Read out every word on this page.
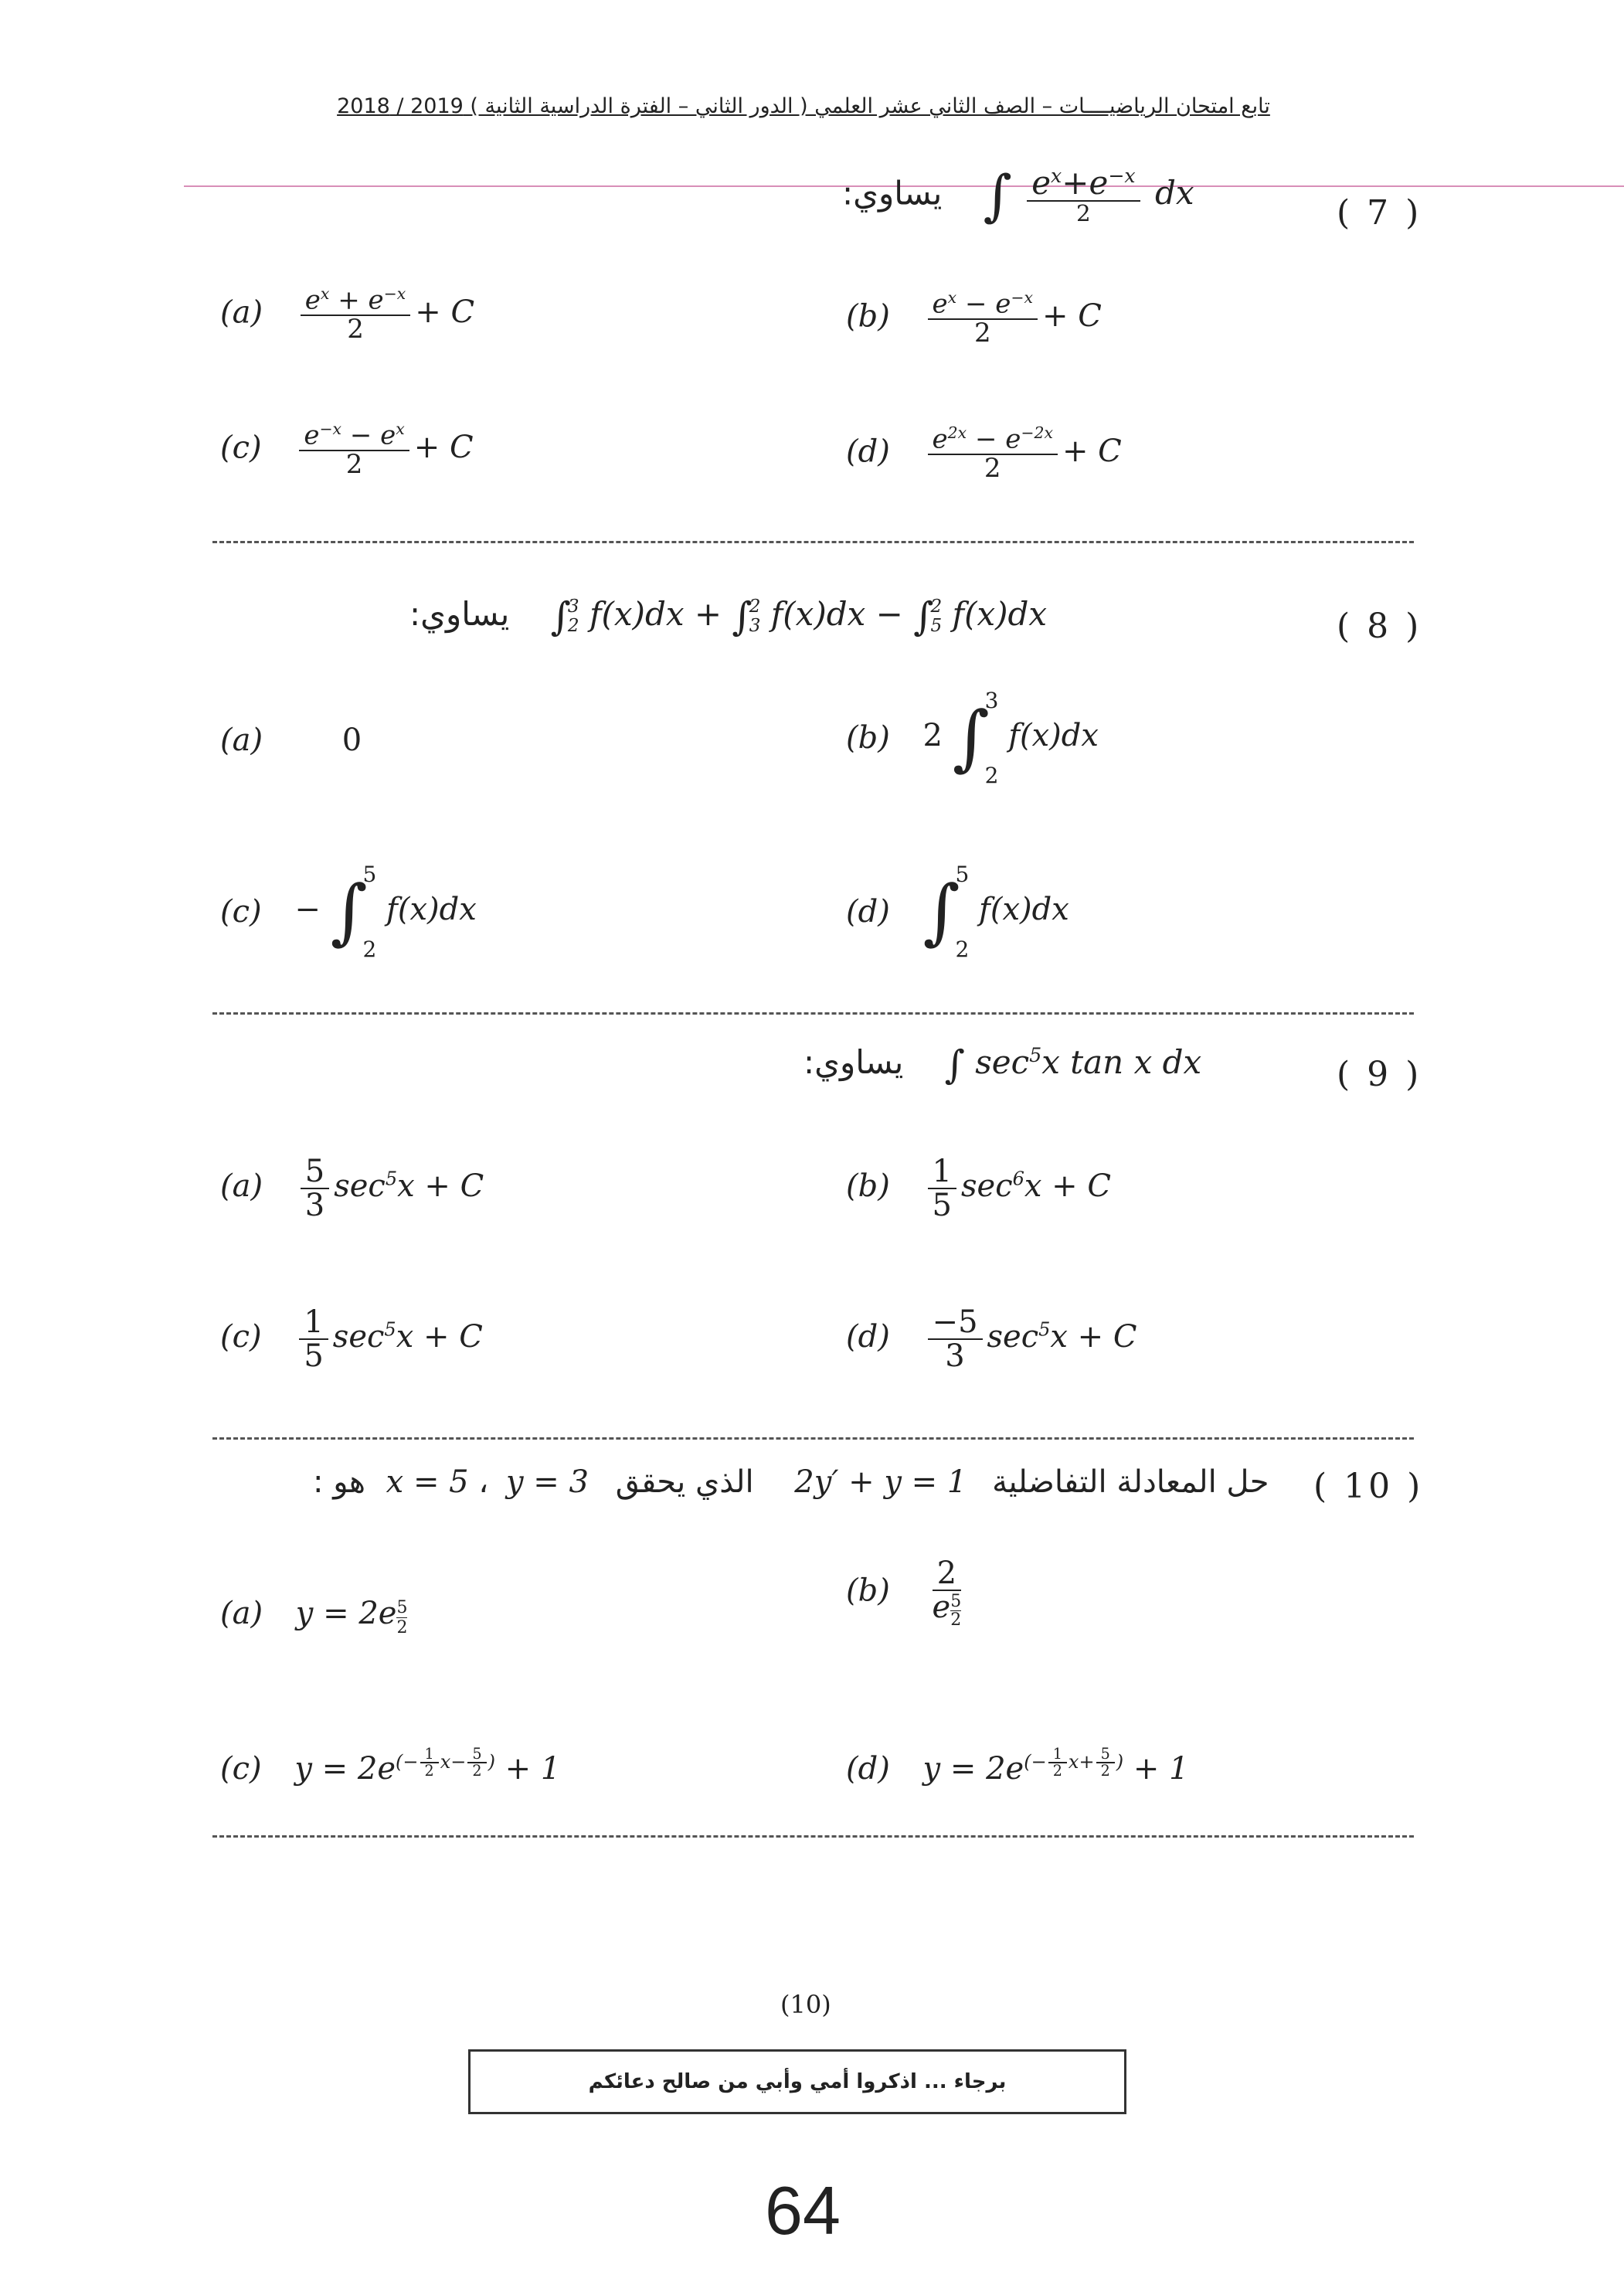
تابع امتحان الرياضيــــات – الصف الثاني عشر العلمي ( الدور الثاني – الفترة الدراسية الثانية ) 2019 / 2018
يساوي: ∫ $\frac{e^x+e^{-x}}{2}$ dx
( 7 )
$(a) \frac{e^x + e^{-x}}{2} + C$	$(b) \frac{e^x - e^{-x}}{2} + C$
$(c) \frac{e^{-x} - e^x}{2} + C$	$(d) \frac{e^{2x} - e^{-2x}}{2} + C$
يساوي: ∫
3
2 f(x)dx + ∫
2
3 f(x)dx − ∫
2
5 f(x)dx	( 8 )
(a)	0	(b) 2 ∫
3
2
f(x)dx
(c) − ∫
5
2
f(x)dx	(d) ∫
5
2
f(x)dx
يساوي: ∫ $\sec^5x$ tan x dx	( 9 )
$(a) \frac{5}{3} \sec^5x + C$	$(b) \frac{1}{5} \sec^6x + C$
$(c) \frac{1}{5} \sec^5x + C$	$(d) \frac{-5}{3} \sec^5x + C$
هو : x = 5 ، y = 3 الذي يحقق 2y′ + y = 1 حل المعادلة التفاضلية ( 10 )
(a) y = 2e $^{\frac{5}{2}}$
(b) 2
e $^{\frac{5}{2}}$
(c) $y = 2e^{(- \frac{1}{2} x- \frac{5}{2} )} + 1$	(d) $y = 2e^{(- \frac{1}{2} x+ \frac{5}{2} )} + 1$
(10)
برجاء ... اذكروا أمي وأبي من صالح دعائكم
64
